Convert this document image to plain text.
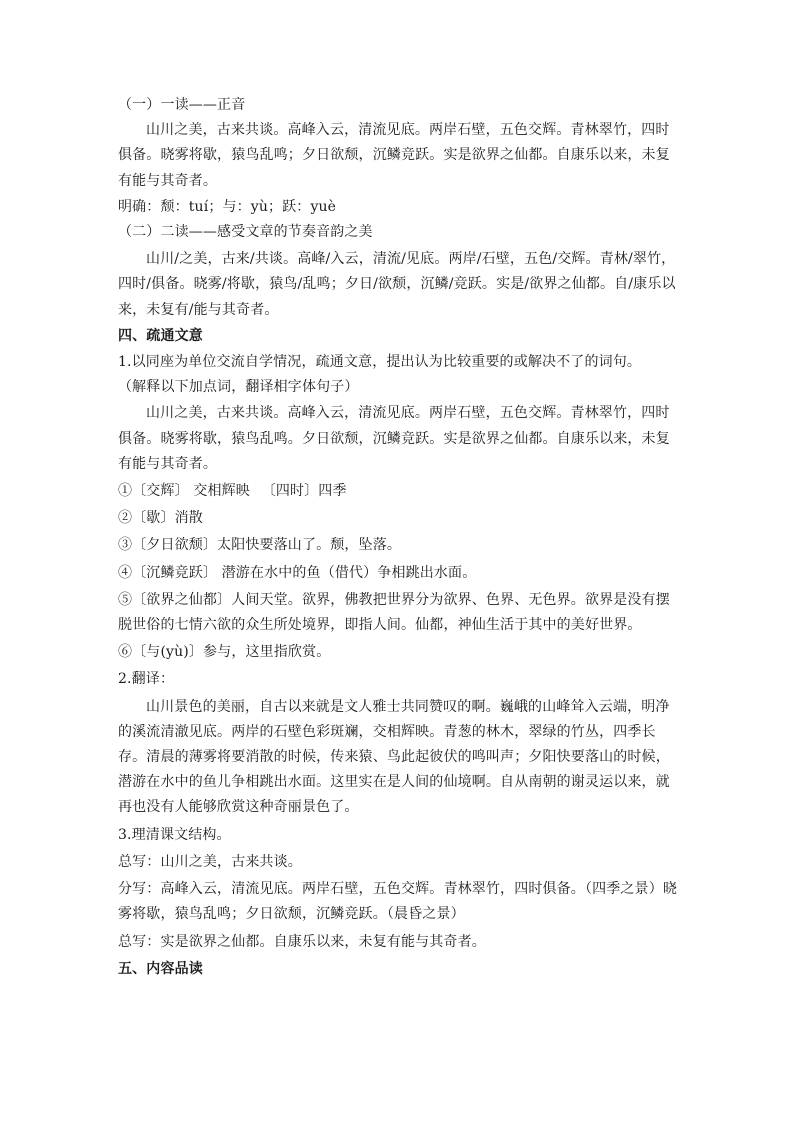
（一）一读——正音

山川之美，古来共谈。高峰入云，清流见底。两岸石壁，五色交辉。青林翠竹，四时俱备。晓雾将歇，猿鸟乱鸣；夕日欲颓，沉鳞竞跃。实是欲界之仙都。自康乐以来，未复有能与其奇者。

明确：颓：tuí；与：yù；跃：yuè

（二）二读——感受文章的节奏音韵之美

山川/之美，古来/共谈。高峰/入云，清流/见底。两岸/石壁，五色/交辉。青林/翠竹，四时/俱备。晓雾/将歇，猿鸟/乱鸣；夕日/欲颓，沉鳞/竞跃。实是/欲界之仙都。自/康乐以来，未复有/能与其奇者。

四、疏通文意

1.以同座为单位交流自学情况，疏通文意，提出认为比较重要的或解决不了的词句。

（解释以下加点词，翻译相字体句子）

山川之美，古来共谈。高峰入云，清流见底。两岸石壁，五色交辉。青林翠竹，四时俱备。晓雾将歇，猿鸟乱鸣。夕日欲颓，沉鳞竞跃。实是欲界之仙都。自康乐以来，未复有能与其奇者。

①〔交辉〕 交相辉映 　〔四时〕四季

②〔歇〕消散

③〔夕日欲颓〕太阳快要落山了。颓，坠落。

④〔沉鳞竞跃〕 潜游在水中的鱼（借代）争相跳出水面。

⑤〔欲界之仙都〕人间天堂。欲界，佛教把世界分为欲界、色界、无色界。欲界是没有摆脱世俗的七情六欲的众生所处境界，即指人间。仙都，神仙生活于其中的美好世界。

⑥〔与(yù)〕参与，这里指欣赏。

2.翻译：

山川景色的美丽，自古以来就是文人雅士共同赞叹的啊。巍峨的山峰耸入云端，明净的溪流清澈见底。两岸的石壁色彩斑斓，交相辉映。青葱的林木，翠绿的竹丛，四季长存。清晨的薄雾将要消散的时候，传来猿、鸟此起彼伏的鸣叫声；夕阳快要落山的时候，潜游在水中的鱼儿争相跳出水面。这里实在是人间的仙境啊。自从南朝的谢灵运以来，就再也没有人能够欣赏这种奇丽景色了。

3.理清课文结构。

总写：山川之美，古来共谈。

分写：高峰入云，清流见底。两岸石壁，五色交辉。青林翠竹，四时俱备。（四季之景）晓雾将歇，猿鸟乱鸣；夕日欲颓，沉鳞竞跃。（晨昏之景）

总写：实是欲界之仙都。自康乐以来，未复有能与其奇者。

五、内容品读
